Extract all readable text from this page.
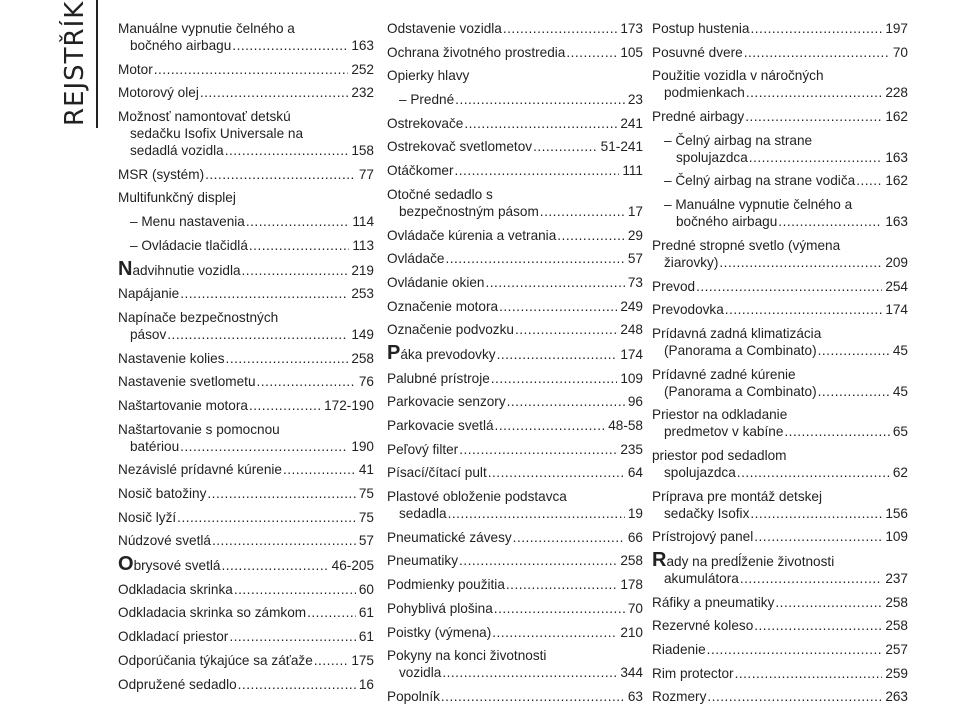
REJSTŘÍK Manuálne vypnutie čelného a
bočného airbagu .....	163
Motor .....	252
Motorový olej .....	232
Možnosť namontovať detskú
sedačku Isofix Universale na
sedadlá vozidla .....	158
MSR (systém) .....	77
Multifunkčný displej
– Menu nastavenia .....	114
– Ovládacie tlačidlá .....	113
Nadvihnutie vozidla .....	219
Napájanie .....	253
Napínače bezpečnostných
pásov .....	149
Nastavenie kolies .....	258
Nastavenie svetlometu .....	76
Naštartovanie motora .....	172-190
Naštartovanie s pomocnou
batériou .....	190
Nezávislé prídavné kúrenie .....	41
Nosič batožiny .....	75
Nosič lyží .....	75
Núdzové svetlá .....	57
Obrysové svetlá .....	46-205
Odkladacia skrinka .....	60
Odkladacia skrinka so zámkom .....	61
Odkladací priestor .....	61
Odporúčania týkajúce sa záťaže .....	175
Odpružené sedadlo .....	16
Odstavenie vozidla .....	173
Ochrana životného prostredia .....	105
Opierky hlavy
– Predné .....	23
Ostrekovače .....	241
Ostrekovač svetlometov .....	51-241
Otáčkomer .....	111
Otočné sedadlo s
bezpečnostným pásom .....	17
Ovládače kúrenia a vetrania .....	29
Ovládače .....	57
Ovládanie okien .....	73
Označenie motora .....	249
Označenie podvozku .....	248
Páka prevodovky .....	174
Palubné prístroje .....	109
Parkovacie senzory .....	96
Parkovacie svetlá .....	48-58
Peľový filter .....	235
Písací/čítací pult .....	64
Plastové obloženie podstavca
sedadla .....	19
Pneumatické závesy .....	66
Pneumatiky .....	258
Podmienky použitia .....	178
Pohyblivá plošina .....	70
Poistky (výmena) .....	210
Pokyny na konci životnosti
vozidla .....	344
Popolník .....	63
Postup hustenia .....	197
Posuvné dvere .....	70
Použitie vozidla v náročných
podmienkach .....	228
Predné airbagy .....	162
– Čelný airbag na strane
spolujazdca .....	163
– Čelný airbag na strane vodiča ..... 162
– Manuálne vypnutie čelného a
bočného airbagu .....	163
Predné stropné svetlo (výmena
žiarovky) .....	209
Prevod .....	254
Prevodovka .....	174
Prídavná zadná klimatizácia
(Panorama a Combinato) .....	45
Prídavné zadné kúrenie
(Panorama a Combinato) .....	45
Priestor na odkladanie
predmetov v kabíne .....	65
priestor pod sedadlom
spolujazdca .....	62
Príprava pre montáž detskej
sedačky Isofix .....	156
Prístrojový panel .....	109
Rady na predĺženie životnosti
akumulátora .....	237
Ráfiky a pneumatiky .....	258
Rezervné koleso .....	258
Riadenie .....	257
Rim protector .....	259
Rozmery .....	263
